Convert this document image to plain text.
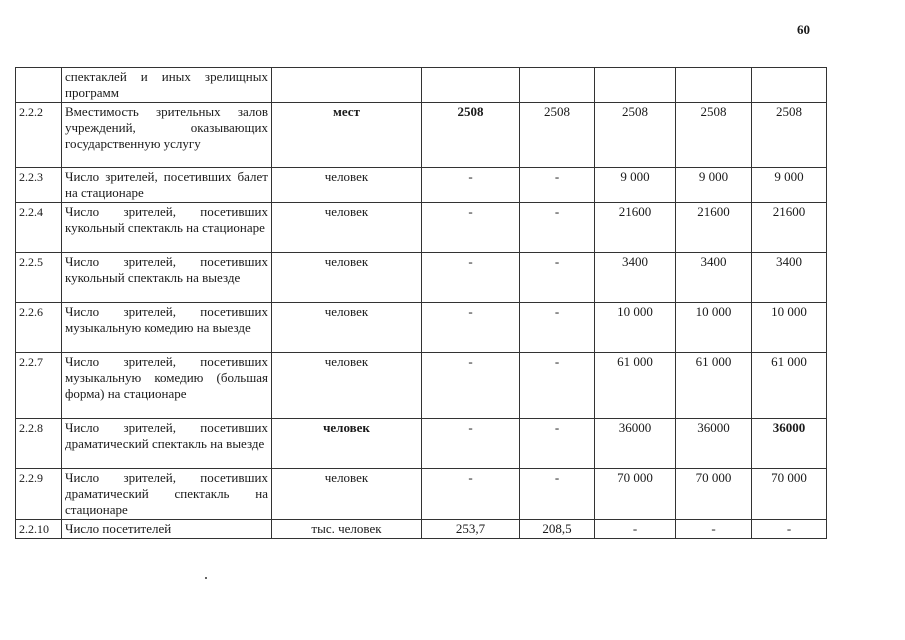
60
	спектаклей и иных зрелищных программ						
2.2.2	Вместимость зрительных залов учреждений, оказывающих государственную услугу	мест	2508	2508	2508	2508	2508
2.2.3	Число зрителей, посетивших балет на стационаре	человек	-	-	9 000	9 000	9 000
2.2.4	Число зрителей, посетивших кукольный спектакль на стационаре	человек	-	-	21600	21600	21600
2.2.5	Число зрителей, посетивших кукольный спектакль на выезде	человек	-	-	3400	3400	3400
2.2.6	Число зрителей, посетивших музыкальную комедию на выезде	человек	-	-	10 000	10 000	10 000
2.2.7	Число зрителей, посетивших музыкальную комедию (большая форма) на стационаре	человек	-	-	61 000	61 000	61 000
2.2.8	Число зрителей, посетивших драматический спектакль на выезде	человек	-	-	36000	36000	36000
2.2.9	Число зрителей, посетивших драматический спектакль на стационаре	человек	-	-	70 000	70 000	70 000
2.2.10	Число посетителей	тыс. человек	253,7	208,5	-	-	-
